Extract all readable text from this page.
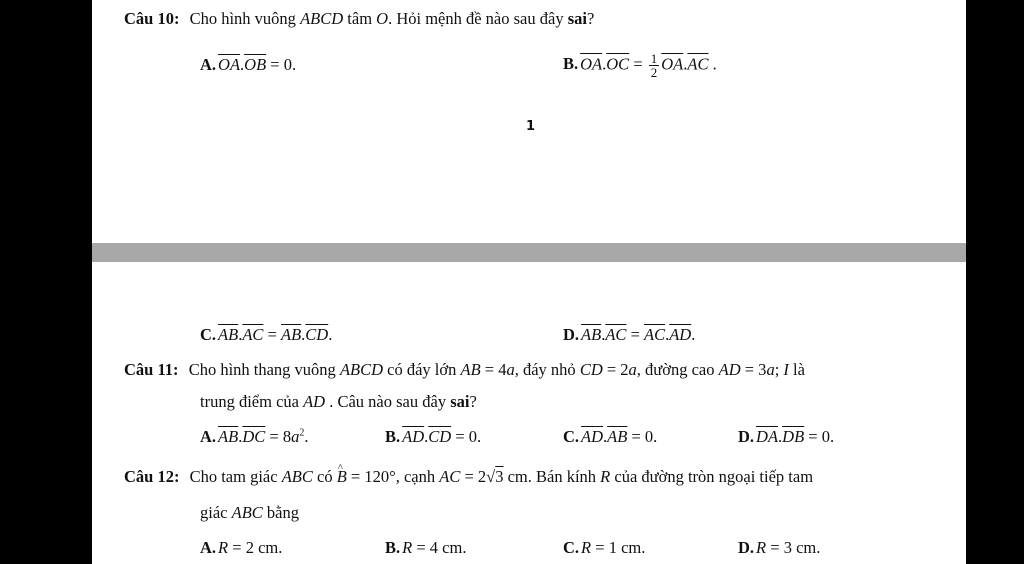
Câu 10: Cho hình vuông ABCD tâm O. Hỏi mệnh đề nào sau đây sai?
A. $\overline{OA}.\overline{OB} = 0$.	B. $\overline{OA}.\overline{OC} = \frac{1}{2} \overline{OA}.\overline{AC}$ .
1
C. $\overline{AB}.\overline{AC} = \overline{AB}.\overline{CD}$.	D. $\overline{AB}.\overline{AC} = \overline{AC}.\overline{AD}$.
Câu 11: Cho hình thang vuông ABCD có đáy lớn AB = 4a, đáy nhỏ CD = 2a, đường cao AD = 3a; I là
trung điểm của AD . Câu nào sau đây sai?
A. $\overline{AB}.\overline{DC} = 8a^2$.	B. $\overline{AD}.\overline{CD} = 0$.	C. $\overline{AD}.\overline{AB} = 0$.	D. $\overline{DA}.\overline{DB} = 0$.
Câu 12: Cho tam giác ABC có ^ B = 120°, cạnh AC = 2√3 cm. Bán kính R của đường tròn ngoại tiếp tam
giác ABC bằng
A. R = 2 cm.	B. R = 4 cm.	C. R = 1 cm.	D. R = 3 cm.
